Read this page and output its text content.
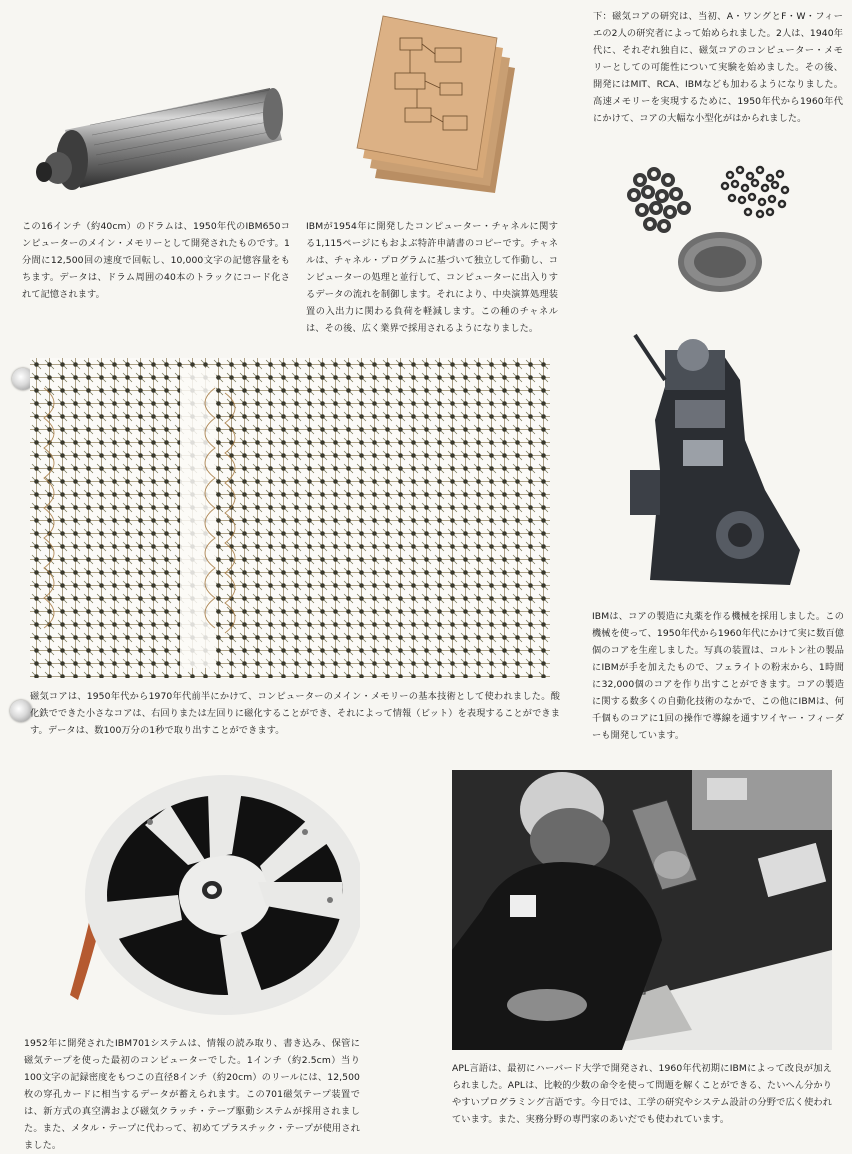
この16インチ（約40cm）のドラムは、1950年代のIBM650コンピューターのメイン・メモリーとして開発されたものです。1分間に12,500回の速度で回転し、10,000文字の記憶容量をもちます。データは、ドラム周囲の40本のトラックにコード化されて記憶されます。

IBMが1954年に開発したコンピューター・チャネルに関する1,115ページにもおよぶ特許申請書のコピーです。チャネルは、チャネル・プログラムに基づいて独立して作動し、コンピューターの処理と並行して、コンピューターに出入りするデータの流れを制御します。それにより、中央演算処理装置の入出力に関わる負荷を軽減します。この種のチャネルは、その後、広く業界で採用されるようになりました。

下：磁気コアの研究は、当初、A・ワングとF・W・フィーエの2人の研究者によって始められました。2人は、1940年代に、それぞれ独自に、磁気コアのコンピューター・メモリーとしての可能性について実験を始めました。その後、開発にはMIT、RCA、IBMなども加わるようになりました。高速メモリーを実現するために、1950年代から1960年代にかけて、コアの大幅な小型化がはかられました。

磁気コアは、1950年代から1970年代前半にかけて、コンピューターのメイン・メモリーの基本技術として使われました。酸化鉄でできた小さなコアは、右回りまたは左回りに磁化することができ、それによって情報（ビット）を表現することができます。データは、数100万分の1秒で取り出すことができます。

IBMは、コアの製造に丸薬を作る機械を採用しました。この機械を使って、1950年代から1960年代にかけて実に数百億個のコアを生産しました。写真の装置は、コルトン社の製品にIBMが手を加えたもので、フェライトの粉末から、1時間に32,000個のコアを作り出すことができます。コアの製造に関する数多くの自動化技術のなかで、この他にIBMは、何千個ものコアに1回の操作で導線を通すワイヤー・フィーダーも開発しています。

1952年に開発されたIBM701システムは、情報の読み取り、書き込み、保管に磁気テープを使った最初のコンピューターでした。1インチ（約2.5cm）当り100文字の記録密度をもつこの直径8インチ（約20cm）のリールには、12,500枚の穿孔カードに相当するデータが蓄えられます。この701磁気テープ装置では、新方式の真空溝および磁気クラッチ・テープ駆動システムが採用されました。また、メタル・テープに代わって、初めてプラスチック・テープが使用されました。

APL言語は、最初にハーバード大学で開発され、1960年代初期にIBMによって改良が加えられました。APLは、比較的少数の命令を使って問題を解くことができる、たいへん分かりやすいプログラミング言語です。今日では、工学の研究やシステム設計の分野で広く使われています。また、実務分野の専門家のあいだでも使われています。
